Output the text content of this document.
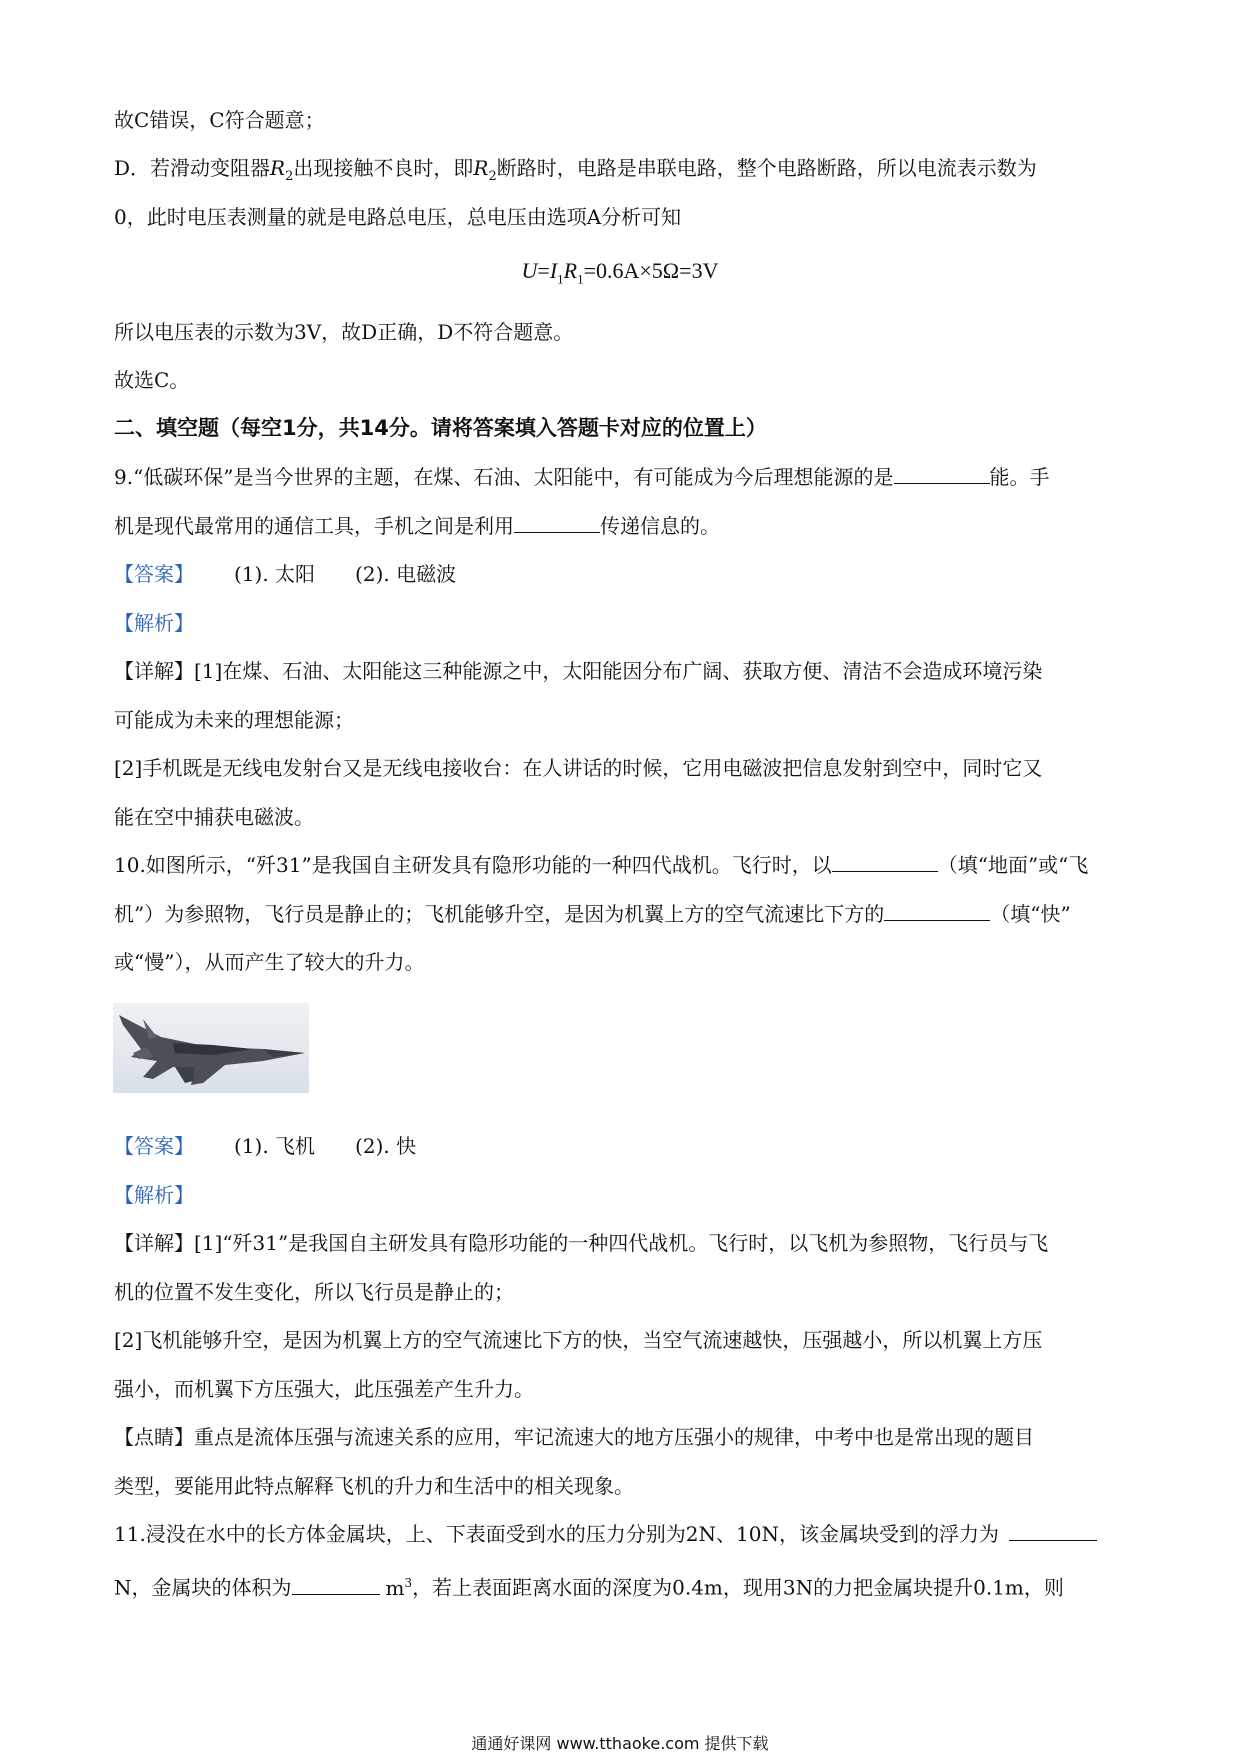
故C错误，C符合题意；
D．若滑动变阻器$R_2$出现接触不良时，即$R_2$断路时，电路是串联电路，整个电路断路，所以电流表示数为
0，此时电压表测量的就是电路总电压，总电压由选项A分析可知
$U=I_1R_1=0.6A\times 5\Omega=3V$
所以电压表的示数为3V，故D正确，D不符合题意。
故选C。
二、填空题（每空1分，共14分。请将答案填入答题卡对应的位置上）
9.“低碳环保”是当今世界的主题，在煤、石油、太阳能中，有可能成为今后理想能源的是	能。手
机是现代最常用的通信工具，手机之间是利用	传递信息的。
【答案】 (1). 太阳 (2). 电磁波
【解析】
【详解】[1]在煤、石油、太阳能这三种能源之中，太阳能因分布广阔、获取方便、清洁不会造成环境污染
可能成为未来的理想能源；
[2]手机既是无线电发射台又是无线电接收台：在人讲话的时候，它用电磁波把信息发射到空中，同时它又
能在空中捕获电磁波。
10.如图所示，“歼31”是我国自主研发具有隐形功能的一种四代战机。飞行时，以	（填“地面”或“飞
机”）为参照物，飞行员是静止的；飞机能够升空，是因为机翼上方的空气流速比下方的	（填“快”
或“慢”），从而产生了较大的升力。
【答案】 (1). 飞机 (2). 快
【解析】
【详解】[1]“歼31”是我国自主研发具有隐形功能的一种四代战机。飞行时，以飞机为参照物，飞行员与飞
机的位置不发生变化，所以飞行员是静止的；
[2]飞机能够升空，是因为机翼上方的空气流速比下方的快，当空气流速越快，压强越小，所以机翼上方压
强小，而机翼下方压强大，此压强差产生升力。
【点睛】重点是流体压强与流速关系的应用，牢记流速大的地方压强小的规律，中考中也是常出现的题目
类型，要能用此特点解释飞机的升力和生活中的相关现象。
11.浸没在水中的长方体金属块，上、下表面受到水的压力分别为2N、10N，该金属块受到的浮力为
N，金属块的体积为	$m^3$，若上表面距离水面的深度为0.4m，现用3N的力把金属块提升0.1m，则
通通好课网 www.tthaoke.com 提供下载
